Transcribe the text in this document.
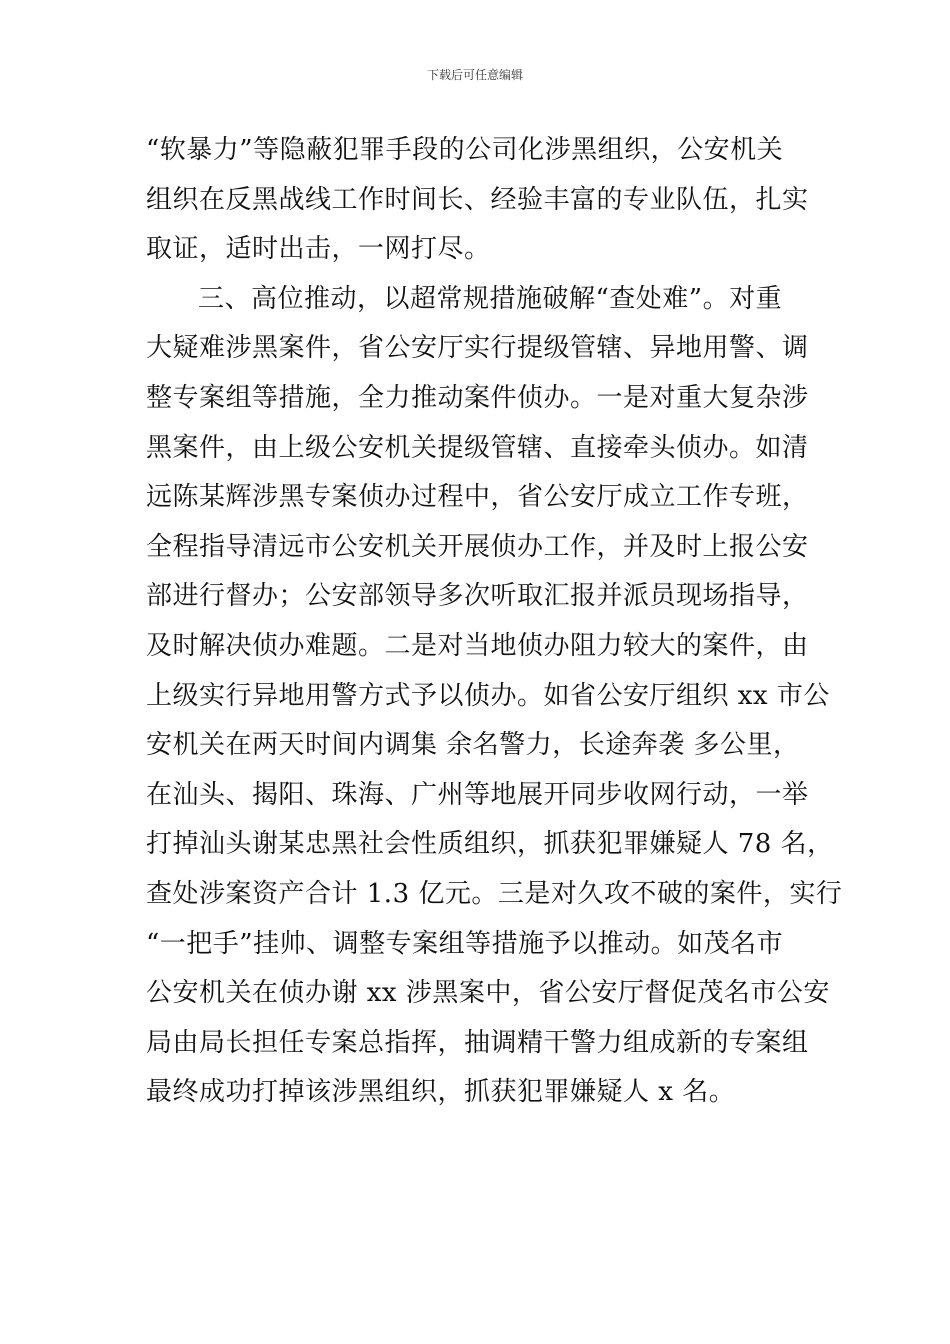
下载后可任意编辑
“软暴力”等隐蔽犯罪手段的公司化涉黑组织，公安机关
组织在反黑战线工作时间长、经验丰富的专业队伍，扎实
取证，适时出击，一网打尽。
三、高位推动，以超常规措施破解“查处难”。对重
大疑难涉黑案件，省公安厅实行提级管辖、异地用警、调
整专案组等措施，全力推动案件侦办。一是对重大复杂涉
黑案件，由上级公安机关提级管辖、直接牵头侦办。如清
远陈某辉涉黑专案侦办过程中，省公安厅成立工作专班，
全程指导清远市公安机关开展侦办工作，并及时上报公安
部进行督办；公安部领导多次听取汇报并派员现场指导，
及时解决侦办难题。二是对当地侦办阻力较大的案件，由
上级实行异地用警方式予以侦办。如省公安厅组织 xx 市公
安机关在两天时间内调集 余名警力，长途奔袭 多公里，
在汕头、揭阳、珠海、广州等地展开同步收网行动，一举
打掉汕头谢某忠黑社会性质组织，抓获犯罪嫌疑人 78 名，
查处涉案资产合计 1.3 亿元。三是对久攻不破的案件，实行
“一把手”挂帅、调整专案组等措施予以推动。如茂名市
公安机关在侦办谢 xx 涉黑案中，省公安厅督促茂名市公安
局由局长担任专案总指挥，抽调精干警力组成新的专案组
最终成功打掉该涉黑组织，抓获犯罪嫌疑人 x 名。
